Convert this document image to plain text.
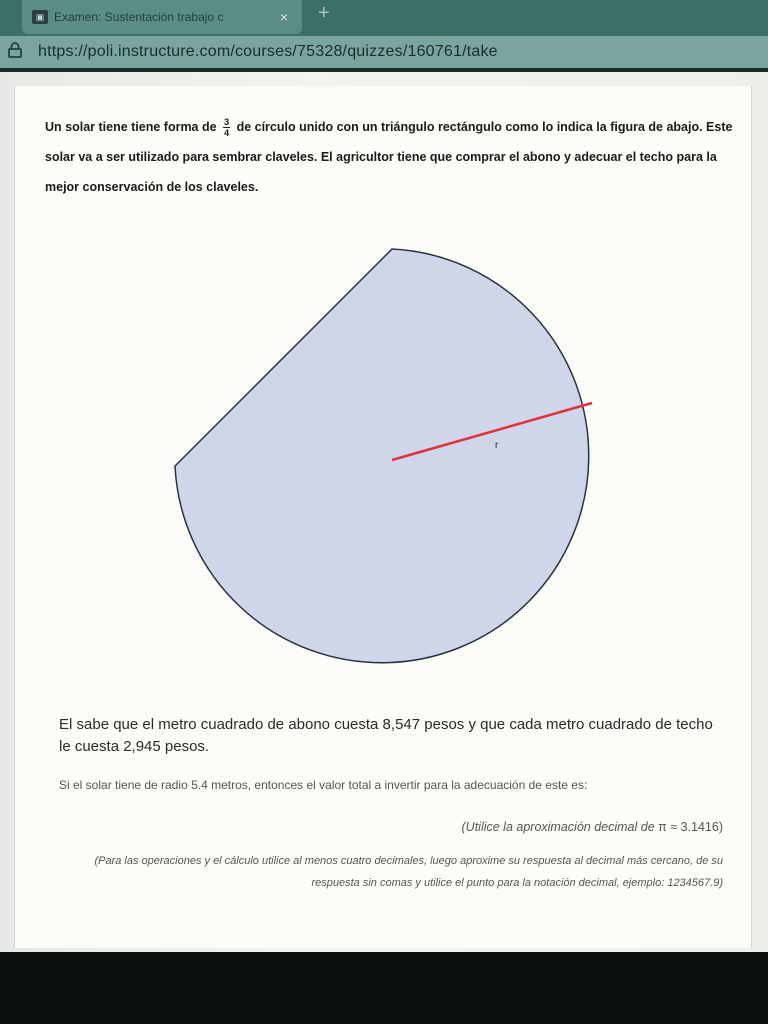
▣ Examen: Sustentación trabajo c	× +
https://poli.instructure.com/courses/75328/quizzes/160761/take
Un solar tiene tiene forma de $\frac{3}{4}$ de círculo unido con un triángulo rectángulo como lo indica la figura de abajo. Este solar va a ser utilizado para sembrar claveles. El agricultor tiene que comprar el abono y adecuar el techo para la mejor conservación de los claveles.
r
El sabe que el metro cuadrado de abono cuesta 8,547 pesos y que cada metro cuadrado de techo le cuesta 2,945 pesos.
Si el solar tiene de radio 5.4 metros, entonces el valor total a invertir para la adecuación de este es:
(Utilice la aproximación decimal de π ≈ 3.1416)
(Para las operaciones y el cálculo utilice al menos cuatro decimales, luego aproxime su respuesta al decimal más cercano, de su respuesta sin comas y utilice el punto para la notación decimal, ejemplo: 1234567.9)
